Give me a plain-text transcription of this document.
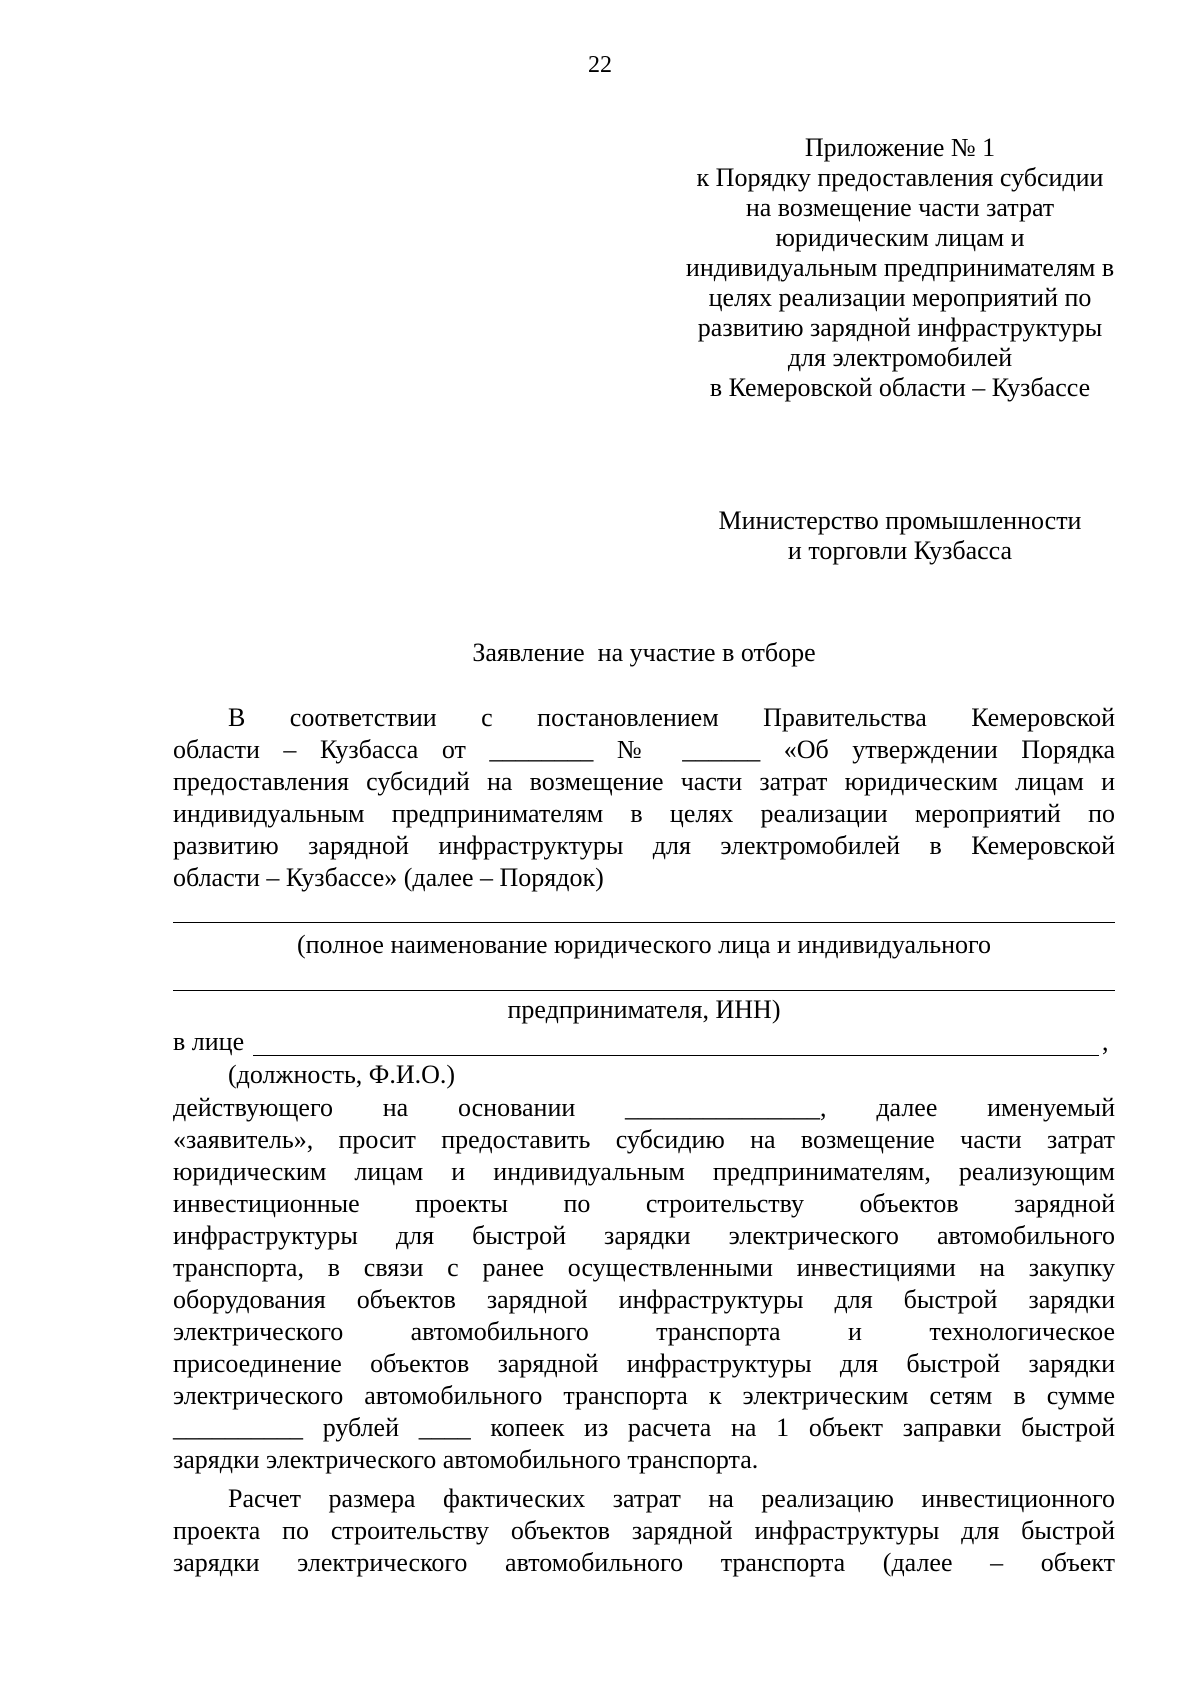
22
Приложение № 1
к Порядку предоставления субсидии
на возмещение части затрат
юридическим лицам и
индивидуальным предпринимателям в
целях реализации мероприятий по
развитию зарядной инфраструктуры
для электромобилей
в Кемеровской области – Кузбассе
Министерство промышленности
и торговли Кузбасса
Заявление  на участие в отборе
В соответствии с постановлением Правительства Кемеровской
области – Кузбасса от ________ № ______ «Об утверждении Порядка
предоставления субсидий на возмещение части затрат юридическим лицам и
индивидуальным предпринимателям в целях реализации мероприятий по
развитию зарядной инфраструктуры для электромобилей в Кемеровской
области – Кузбассе» (далее – Порядок)
(полное наименование юридического лица и индивидуального
предпринимателя, ИНН)
в лице	,
(должность, Ф.И.О.)
действующего на основании _______________, далее именуемый
«заявитель», просит предоставить субсидию на возмещение части затрат
юридическим лицам и индивидуальным предпринимателям, реализующим
инвестиционные проекты по строительству объектов зарядной
инфраструктуры для быстрой зарядки электрического автомобильного
транспорта, в связи с ранее осуществленными инвестициями на закупку
оборудования объектов зарядной инфраструктуры для быстрой зарядки
электрического автомобильного транспорта и технологическое
присоединение объектов зарядной инфраструктуры для быстрой зарядки
электрического автомобильного транспорта к электрическим сетям в сумме
__________ рублей ____ копеек из расчета на 1 объект заправки быстрой
зарядки электрического автомобильного транспорта.
Расчет размера фактических затрат на реализацию инвестиционного
проекта по строительству объектов зарядной инфраструктуры для быстрой
зарядки электрического автомобильного транспорта (далее – объект
